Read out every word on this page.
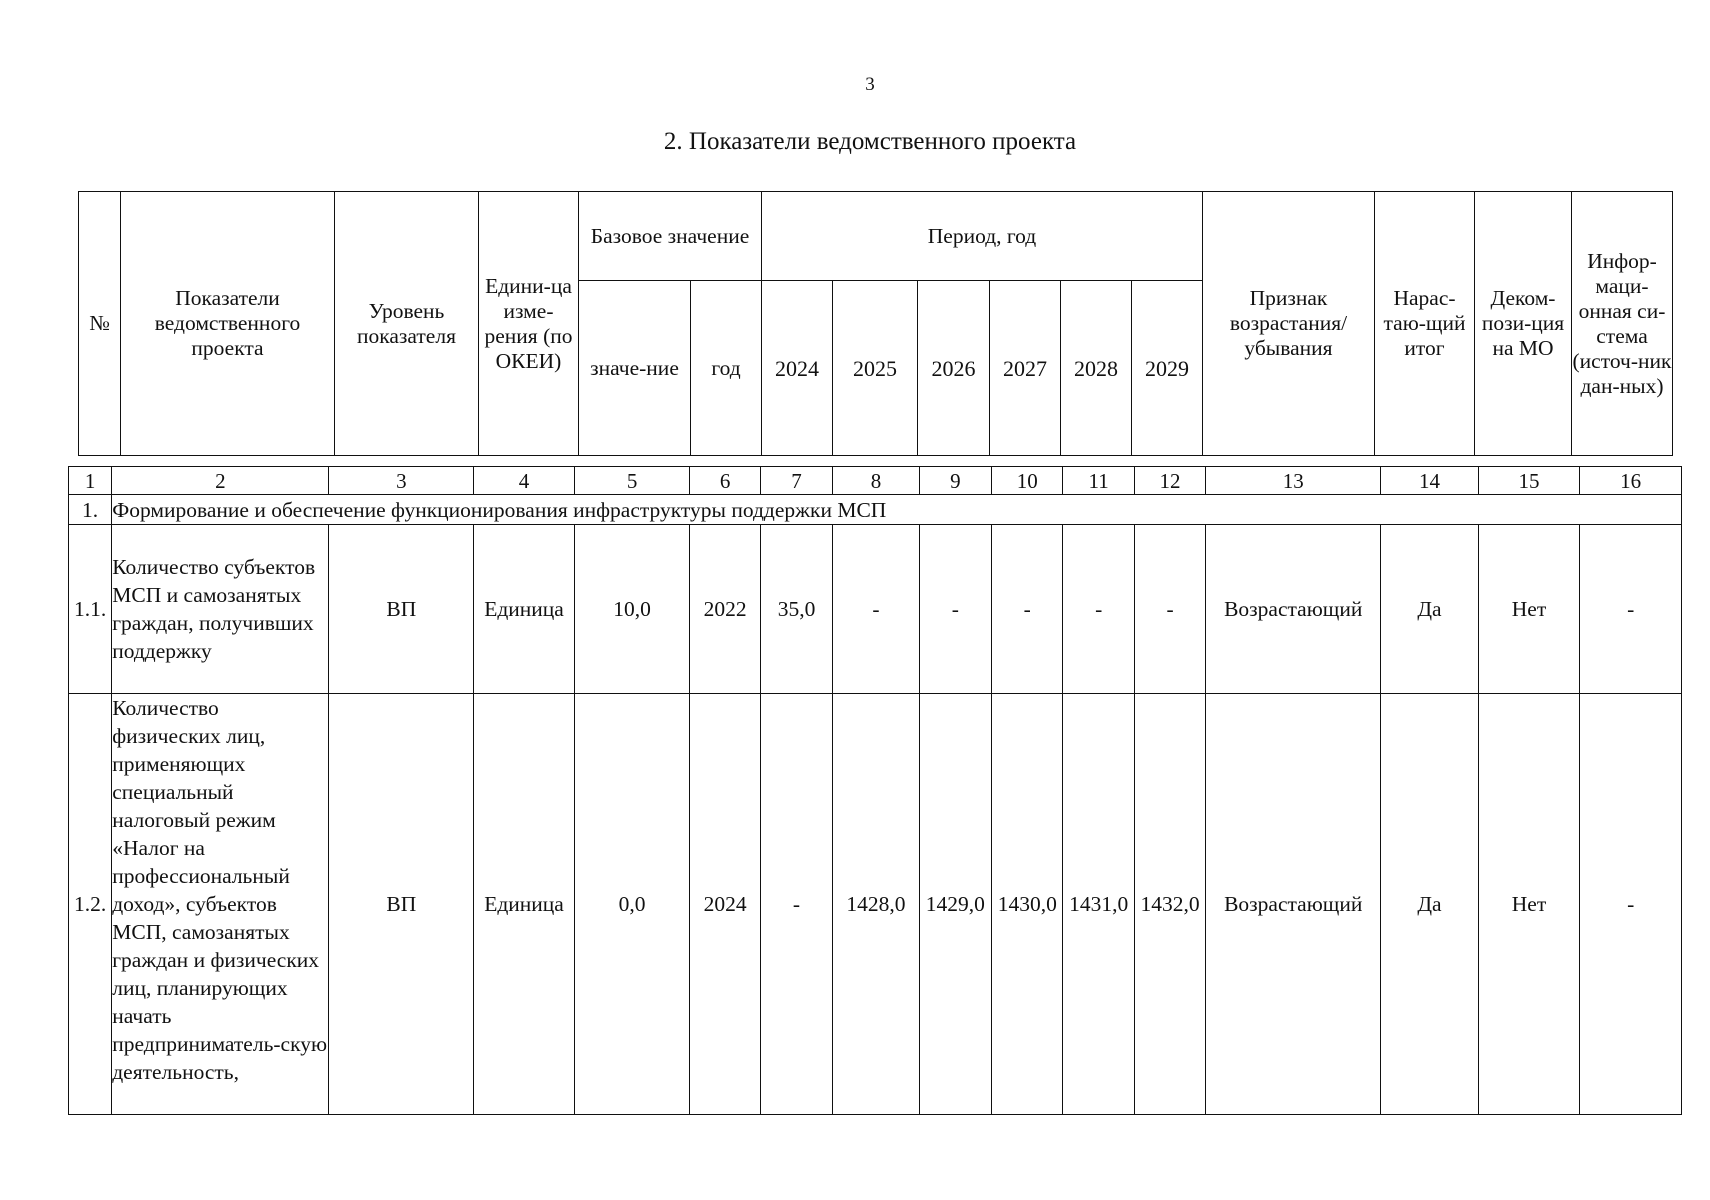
3
2. Показатели ведомственного проекта
№	Показатели ведомственного проекта	Уровень показателя	Едини-ца изме-рения (по ОКЕИ)	Базовое значение		Период, год						Признак возрастания/ убывания	Нарас-таю-щий итог	Деком-пози-ция на МО	Инфор-маци-онная си-стема (источ-ник дан-ных)
				значе-ние	год	2024	2025	2026	2027	2028	2029				
1	2	3	4	5	6	7	8	9	10	11	12	13	14	15	16
1.	Формирование и обеспечение функционирования инфраструктуры поддержки МСП														
1.1.	Количество субъектов МСП и самозанятых граждан, получивших поддержку	ВП	Единица	10,0	2022	35,0	-	-	-	-	-	Возрастающий	Да	Нет	-
1.2.	Количество физических лиц, применяющих специальный налоговый режим «Налог на профессиональный доход», субъектов МСП, самозанятых граждан и физических лиц, планирующих начать предприниматель-скую деятельность,	ВП	Единица	0,0	2024	-	1428,0	1429,0	1430,0	1431,0	1432,0	Возрастающий	Да	Нет	-
